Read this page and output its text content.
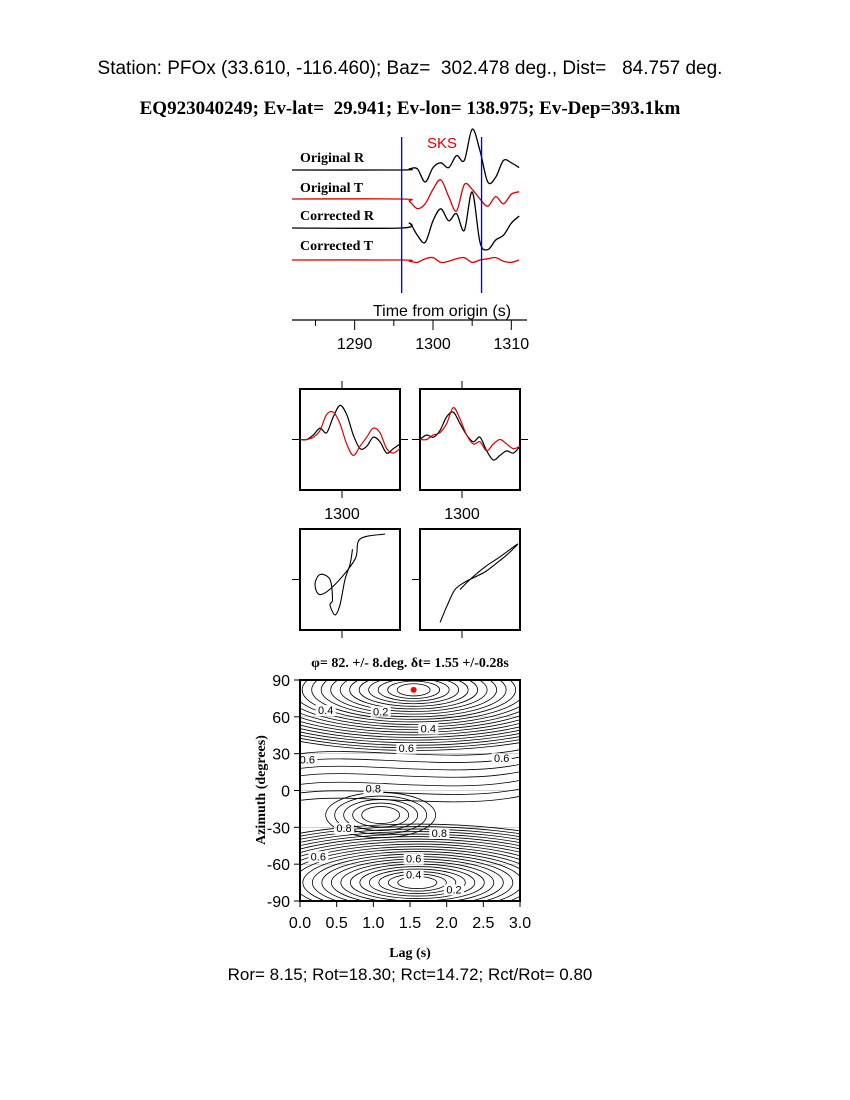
Station: PFOx (33.610, -116.460); Baz=  302.478 deg., Dist=   84.757 deg.
EQ923040249; Ev-lat=  29.941; Ev-lon= 138.975; Ev-Dep=393.1km
SKS
Original R
Original T
Corrected R
Corrected T
Time from origin (s)
1290	1300	1310
1300	1300
φ= 82. +/- 8.deg. δt= 1.55 +/-0.28s
0.4	0.2
0.4
0.6
0.6
0.6
0.8
0.8	0.8
0.6	0.6
0.4
0.2
0.0 0.5 1.0 1.5 2.0 2.5 3.0
-90
-60
-30
0
30
60
90
Lag (s)
Azimuth (degrees)
Ror= 8.15; Rot=18.30; Rct=14.72; Rct/Rot= 0.80
